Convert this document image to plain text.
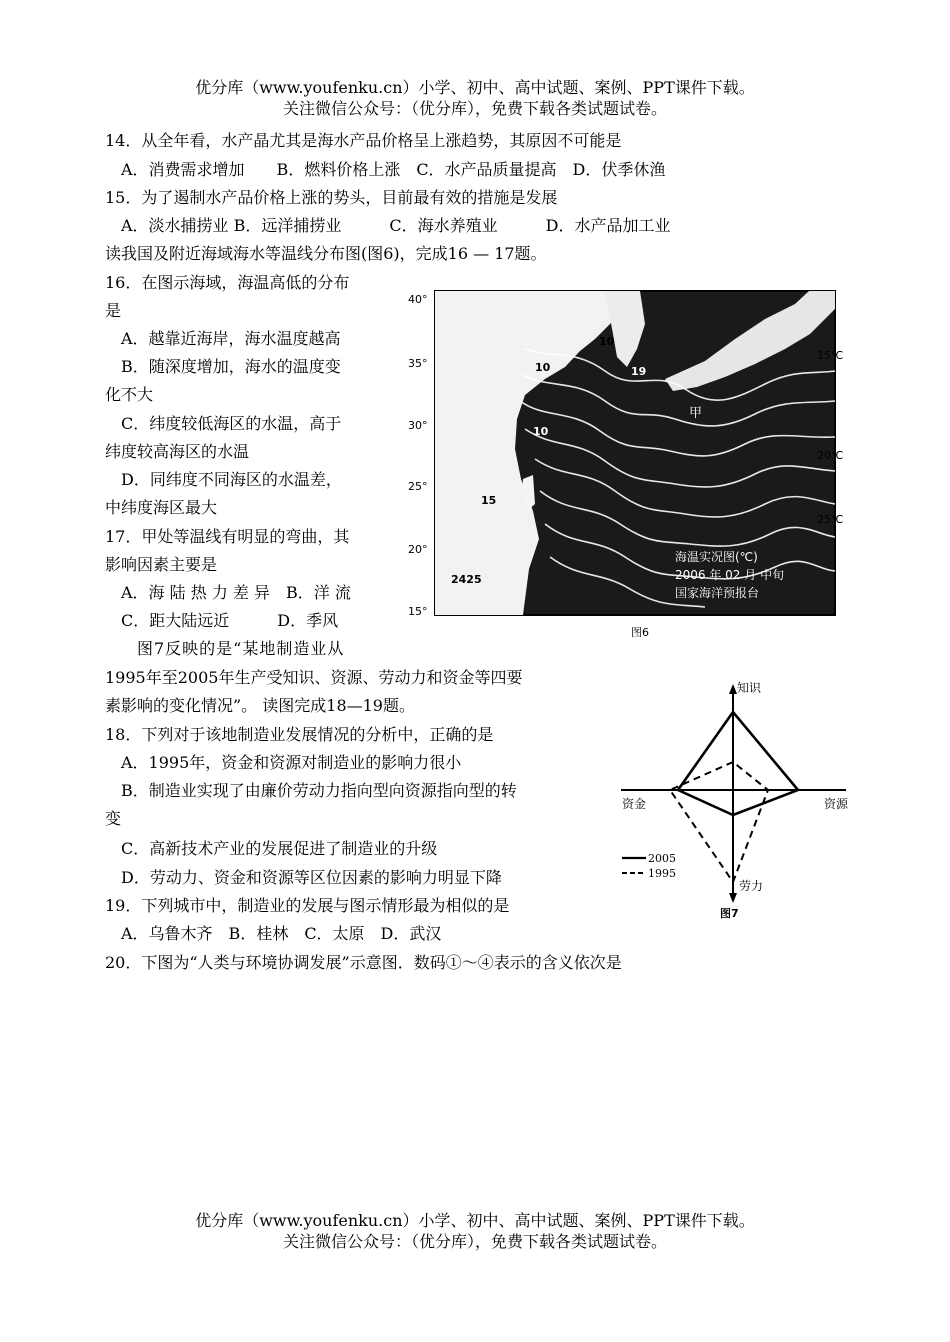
优分库（www.youfenku.cn）小学、初中、高中试题、案例、PPT课件下载。
关注微信公众号：（优分库），免费下载各类试题试卷。
14．从全年看，水产晶尤其是海水产品价格呈上涨趋势，其原因不可能是
A．消费需求增加　　B．燃料价格上涨　C．水产品质量提高　D．伏季休渔
15．为了遏制水产品价格上涨的势头，目前最有效的措施是发展
A．淡水捕捞业 B．远洋捕捞业　　　C．海水养殖业　　　D．水产品加工业
读我国及附近海域海水等温线分布图(图6)，完成16 — 17题。
16．在图示海域，海温高低的分布
是
A．越靠近海岸，海水温度越高
B．随深度增加，海水的温度变
化不大
C．纬度较低海区的水温，高于
纬度较高海区的水温
D．同纬度不同海区的水温差，
中纬度海区最大
17．甲处等温线有明显的弯曲，其
影响因素主要是
A．海 陆 热 力 差 异　B．洋 流
C．距大陆远近　　　D．季风
图7反映的是“某地制造业从
1995年至2005年生产受知识、资源、劳动力和资金等四要
素影响的变化情况”。 读图完成18—19题。
18．下列对于该地制造业发展情况的分析中，正确的是
A．1995年，资金和资源对制造业的影响力很小
B．制造业实现了由廉价劳动力指向型向资源指向型的转
变
C．高新技术产业的发展促进了制造业的升级
D．劳动力、资金和资源等区位因素的影响力明显下降
19．下列城市中，制造业的发展与图示情形最为相似的是
A．乌鲁木齐　B．桂林　C．太原　D．武汉
20．下图为“人类与环境协调发展”示意图．数码①～④表示的含义依次是
40°
35°
30°
25°
20°
15°
15℃
20℃
25℃
10
10	19
10
15
甲
2425
海温实况图(℃)
2006 年 02 月 中旬
国家海洋预报台
图6
知识
资金	资源
劳力
2005
1995
图7
优分库（www.youfenku.cn）小学、初中、高中试题、案例、PPT课件下载。
关注微信公众号：（优分库），免费下载各类试题试卷。
